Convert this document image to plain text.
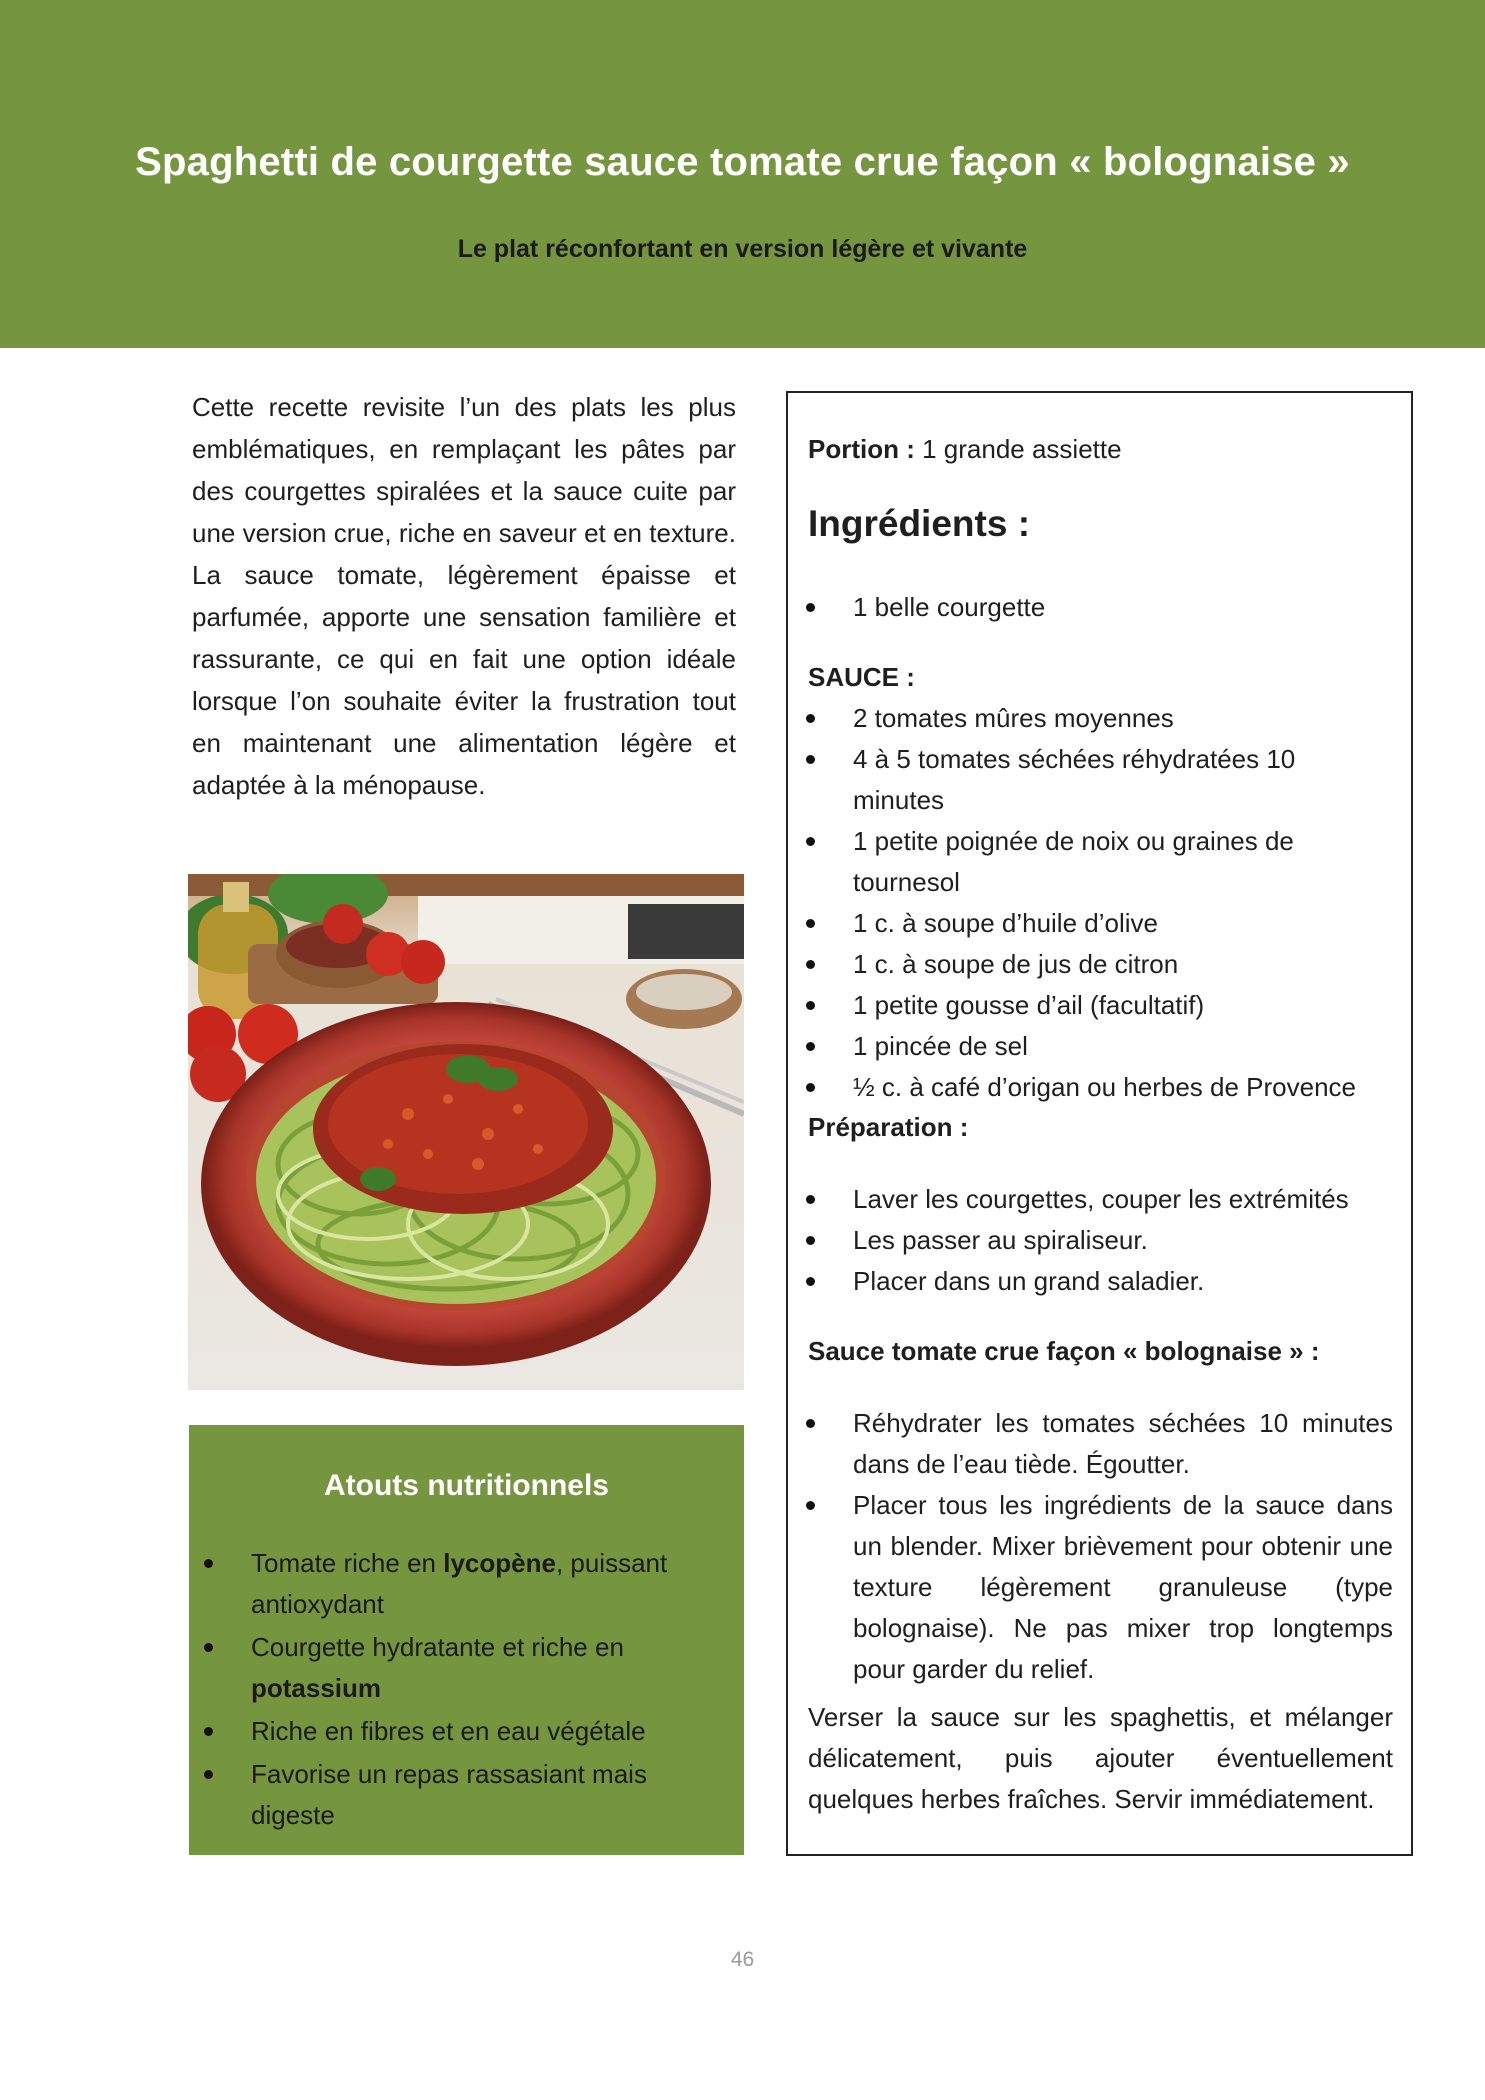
Spaghetti de courgette sauce tomate crue façon « bolognaise »
Le plat réconfortant en version légère et vivante
Cette recette revisite l’un des plats les plus emblématiques, en remplaçant les pâtes par des courgettes spiralées et la sauce cuite par une version crue, riche en saveur et en texture. La sauce tomate, légèrement épaisse et parfumée, apporte une sensation familière et rassurante, ce qui en fait une option idéale lorsque l’on souhaite éviter la frustration tout en maintenant une alimentation légère et adaptée à la ménopause.
Atouts nutritionnels
Tomate riche en lycopène, puissant antioxydant
Courgette hydratante et riche en potassium
Riche en fibres et en eau végétale
Favorise un repas rassasiant mais digeste
Portion : 1 grande assiette
Ingrédients :
1 belle courgette
SAUCE :
2 tomates mûres moyennes
4 à 5 tomates séchées réhydratées 10 minutes
1 petite poignée de noix ou graines de tournesol
1 c. à soupe d’huile d’olive
1 c. à soupe de jus de citron
1 petite gousse d’ail (facultatif)
1 pincée de sel
½ c. à café d’origan ou herbes de Provence
Préparation :
Laver les courgettes, couper les extrémités
Les passer au spiraliseur.
Placer dans un grand saladier.
Sauce tomate crue façon « bolognaise » :
Réhydrater les tomates séchées 10 minutes dans de l’eau tiède. Égoutter.
Placer tous les ingrédients de la sauce dans un blender. Mixer brièvement pour obtenir une texture légèrement granuleuse (type bolognaise). Ne pas mixer trop longtemps pour garder du relief.
Verser la sauce sur les spaghettis, et mélanger délicatement, puis ajouter éventuellement quelques herbes fraîches. Servir immédiatement.
46
